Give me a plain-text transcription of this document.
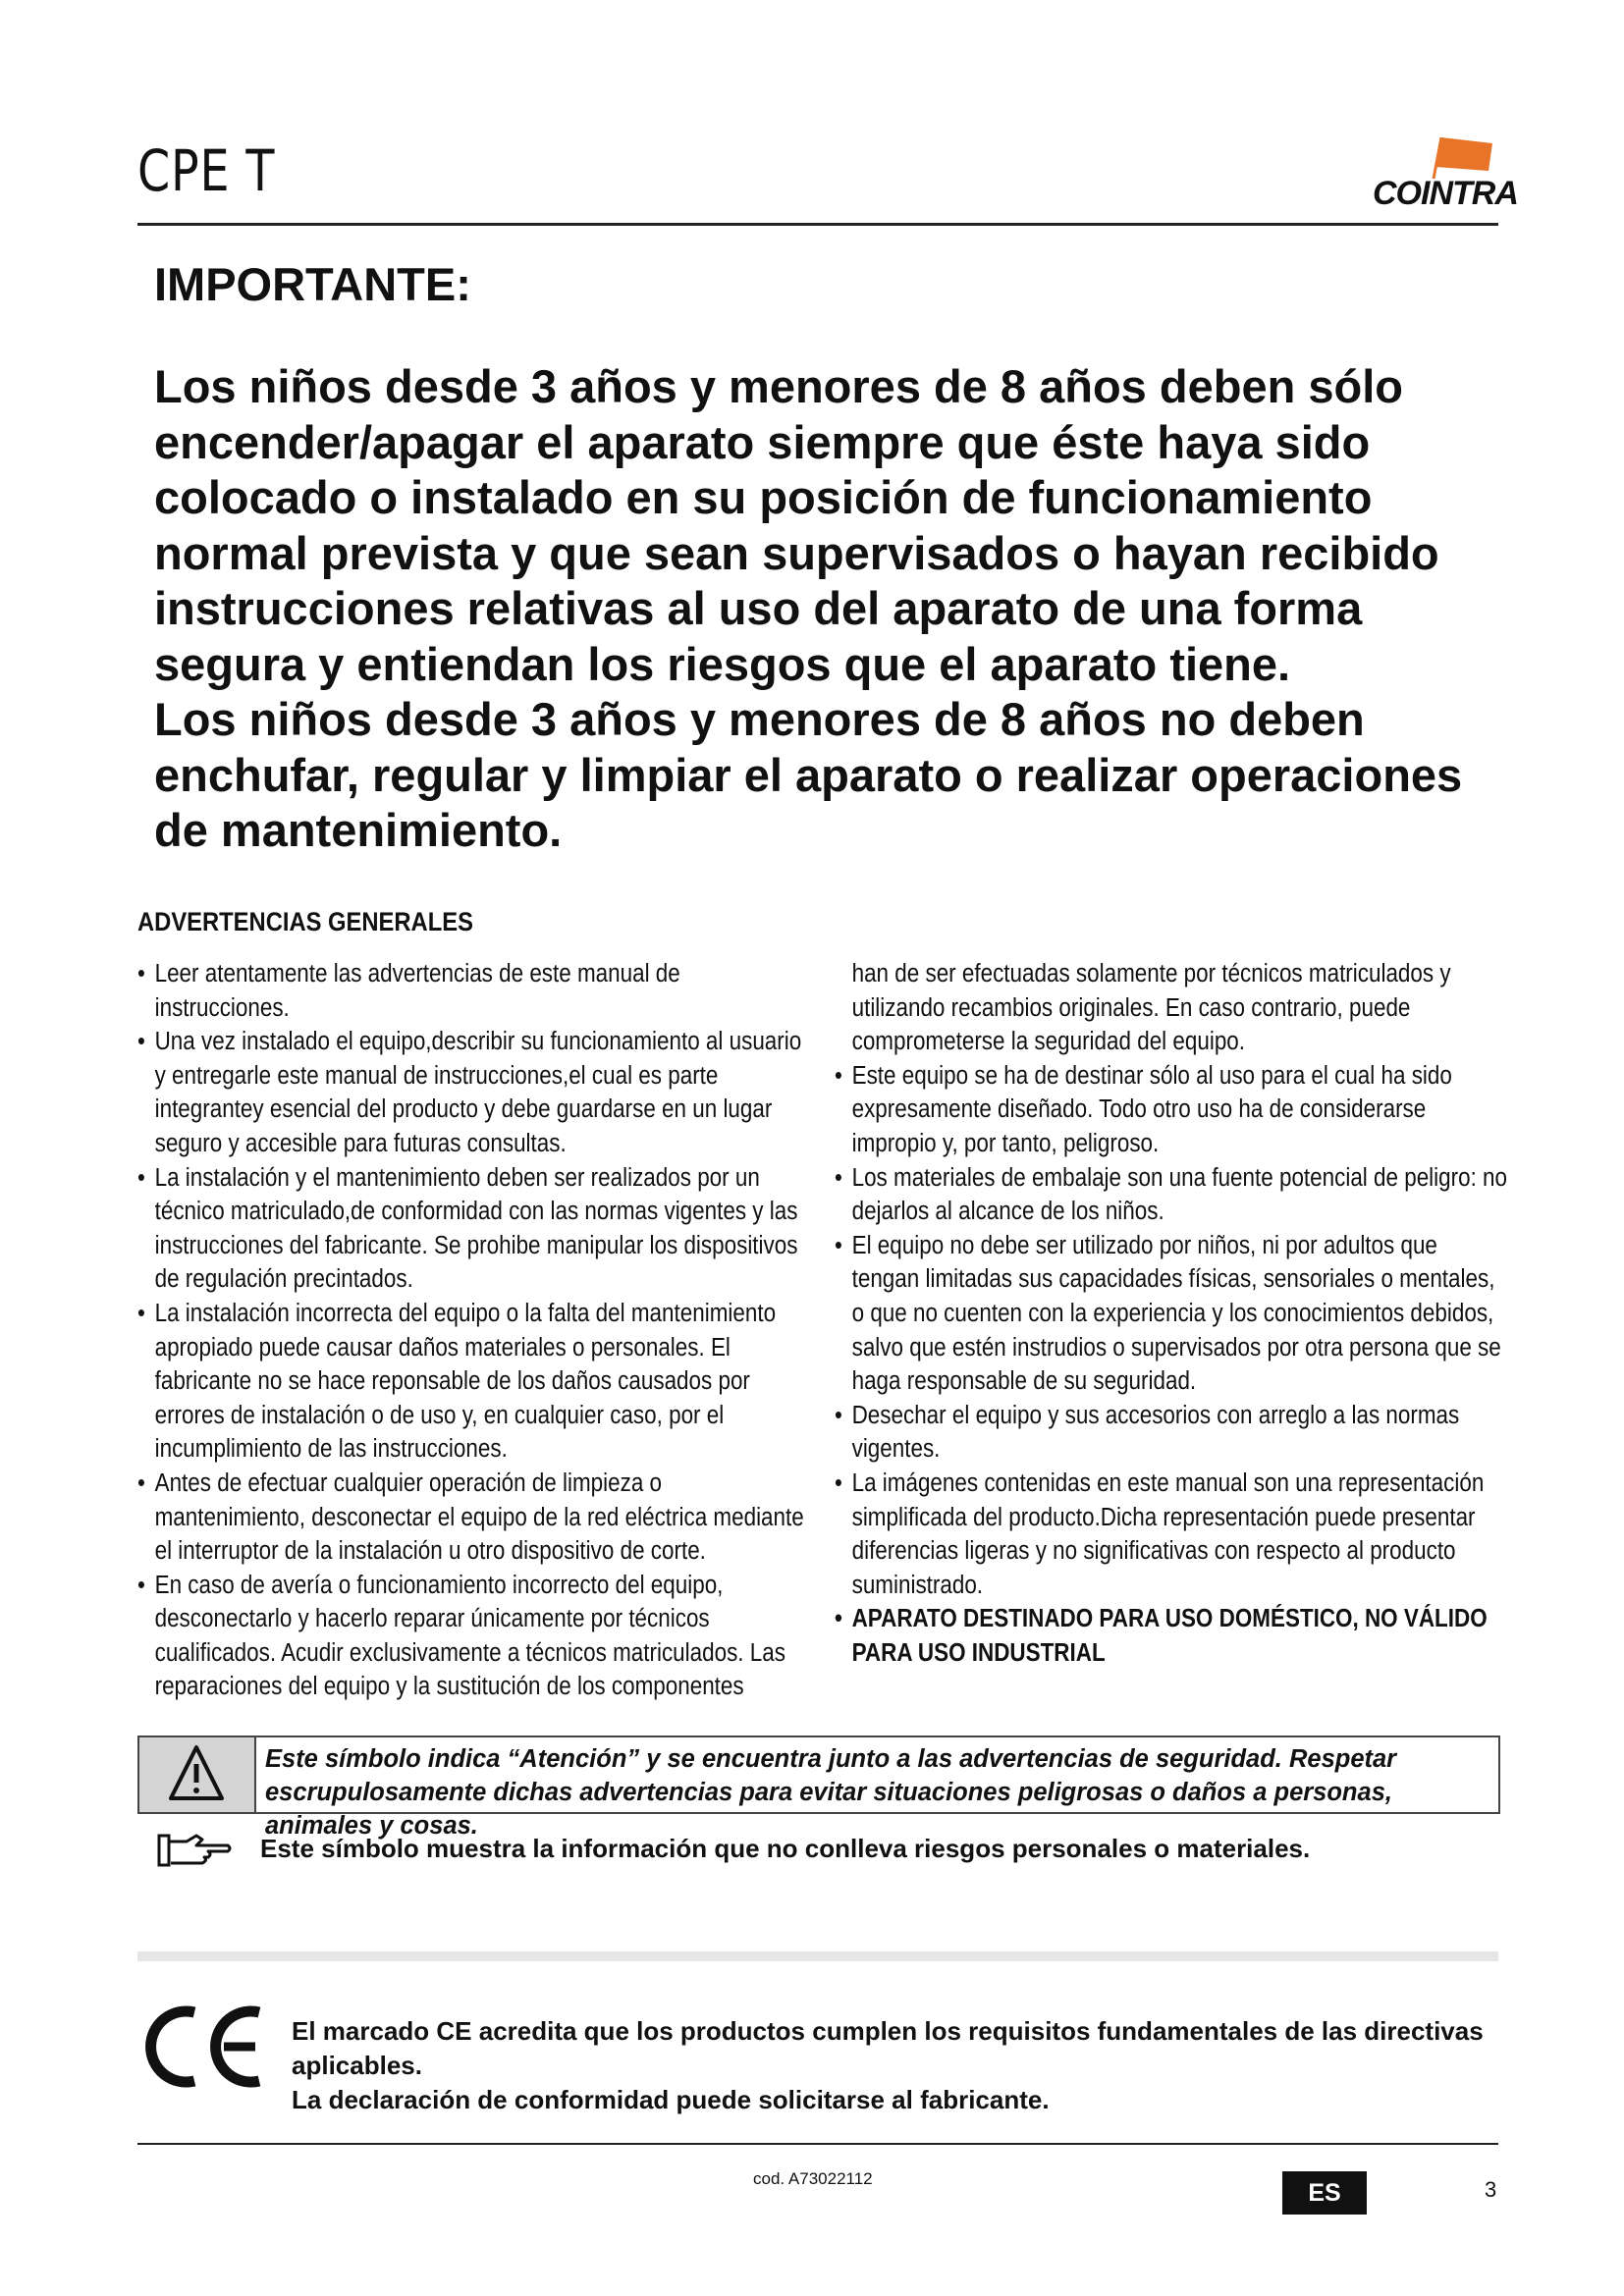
CPE T	COINTRA
IMPORTANTE:

Los niños desde 3 años y menores de 8 años deben sólo encender/apagar el aparato siempre que éste haya sido colocado o instalado en su posición de funcionamiento normal prevista y que sean supervisados o hayan recibido instrucciones relativas al uso del aparato de una forma segura y entiendan los riesgos que el aparato tiene.

Los niños desde 3 años y menores de 8 años no deben enchufar, regular y limpiar el aparato o realizar operaciones de mantenimiento.

ADVERTENCIAS GENERALES
• Leer atentamente las advertencias de este manual de instrucciones.
• Una vez instalado el equipo,describir su funcionamiento al usuario y entregarle este manual de instrucciones,el cual es parte integrantey esencial del producto y debe guardarse en un lugar seguro y accesible para futuras consultas.
• La instalación y el mantenimiento deben ser realizados por un técnico matriculado,de conformidad con las normas vigentes y las instrucciones del fabricante. Se prohibe manipular los dispositivos de regulación precintados.
• La instalación incorrecta del equipo o la falta del mantenimiento apropiado puede causar daños materiales o personales. El fabricante no se hace reponsable de los daños causados por errores de instalación o de uso y, en cualquier caso, por el incumplimiento de las instrucciones.
• Antes de efectuar cualquier operación de limpieza o mantenimiento, desconectar el equipo de la red eléctrica mediante el interruptor de la instalación u otro dispositivo de corte.
• En caso de avería o funcionamiento incorrecto del equipo, desconectarlo y hacerlo reparar únicamente por técnicos cualificados. Acudir exclusivamente a técnicos matriculados. Las reparaciones del equipo y la sustitución de los componentes
han de ser efectuadas solamente por técnicos matriculados y utilizando recambios originales. En caso contrario, puede comprometerse la seguridad del equipo.
• Este equipo se ha de destinar sólo al uso para el cual ha sido expresamente diseñado. Todo otro uso ha de considerarse impropio y, por tanto, peligroso.
• Los materiales de embalaje son una fuente potencial de peligro: no dejarlos al alcance de los niños.
• El equipo no debe ser utilizado por niños, ni por adultos que tengan limitadas sus capacidades físicas, sensoriales o mentales, o que no cuenten con la experiencia y los conocimientos debidos, salvo que estén instrudios o supervisados por otra persona que se haga responsable de su seguridad.
• Desechar el equipo y sus accesorios con arreglo a las normas vigentes.
• La imágenes contenidas en este manual son una representación simplificada del producto.Dicha representación puede presentar diferencias ligeras y no significativas con respecto al producto suministrado.
• APARATO DESTINADO PARA USO DOMÉSTICO, NO VÁLIDO PARA USO INDUSTRIAL

Este símbolo indica “Atención” y se encuentra junto a las advertencias de seguridad. Respetar escrupulosamente dichas advertencias para evitar situaciones peligrosas o daños a personas, animales y cosas.

Este símbolo muestra la información que no conlleva riesgos personales o materiales.

El marcado CE acredita que los productos cumplen los requisitos fundamentales de las directivas aplicables.
La declaración de conformidad puede solicitarse al fabricante.

cod. A73022112

ES	3
